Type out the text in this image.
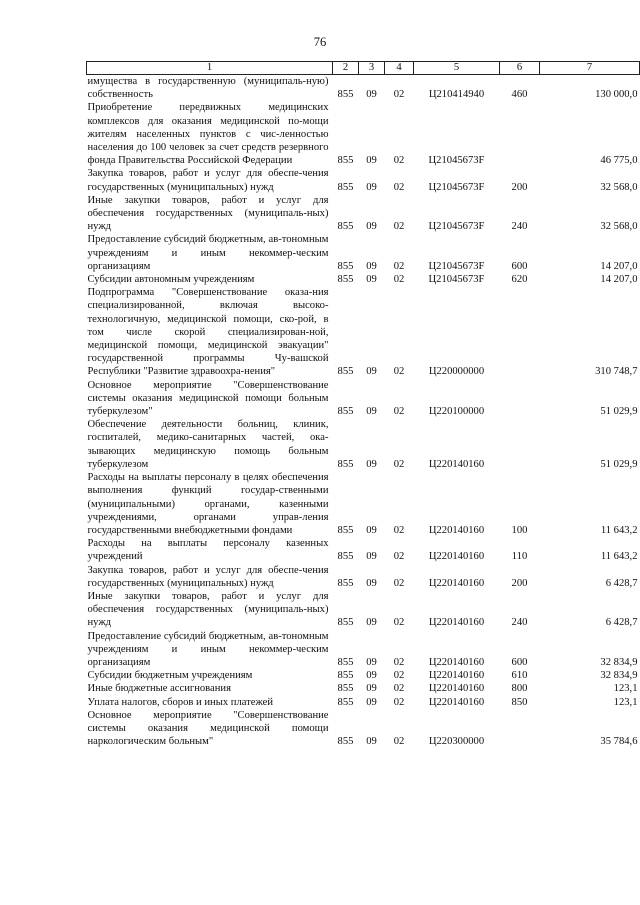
76
1	2	3	4	5	6	7
имущества в государственную (муниципаль-ную) собственность	855	09	02	Ц210414940	460	130 000,0
Приобретение передвижных медицинских комплексов для оказания медицинской по-мощи жителям населенных пунктов с чис-ленностью населения до 100 человек за счет средств резервного фонда Правительства Российской Федерации	855	09	02	Ц21045673F		46 775,0
Закупка товаров, работ и услуг для обеспе-чения государственных (муниципальных) нужд	855	09	02	Ц21045673F	200	32 568,0
Иные закупки товаров, работ и услуг для обеспечения государственных (муниципаль-ных) нужд	855	09	02	Ц21045673F	240	32 568,0
Предоставление субсидий бюджетным, ав-тономным учреждениям и иным некоммер-ческим организациям	855	09	02	Ц21045673F	600	14 207,0
Субсидии автономным учреждениям	855	09	02	Ц21045673F	620	14 207,0
Подпрограмма "Совершенствование оказа-ния специализированной, включая высоко-технологичную, медицинской помощи, ско-рой, в том числе скорой специализирован-ной, медицинской помощи, медицинской эвакуации" государственной программы Чу-вашской Республики "Развитие здравоохра-нения"	855	09	02	Ц220000000		310 748,7
Основное мероприятие "Совершенствование системы оказания медицинской помощи больным туберкулезом"	855	09	02	Ц220100000		51 029,9
Обеспечение деятельности больниц, клиник, госпиталей, медико-санитарных частей, ока-зывающих медицинскую помощь больным туберкулезом	855	09	02	Ц220140160		51 029,9
Расходы на выплаты персоналу в целях обеспечения выполнения функций государ-ственными (муниципальными) органами, казенными учреждениями, органами управ-ления государственными внебюджетными фондами	855	09	02	Ц220140160	100	11 643,2
Расходы на выплаты персоналу казенных учреждений	855	09	02	Ц220140160	110	11 643,2
Закупка товаров, работ и услуг для обеспе-чения государственных (муниципальных) нужд	855	09	02	Ц220140160	200	6 428,7
Иные закупки товаров, работ и услуг для обеспечения государственных (муниципаль-ных) нужд	855	09	02	Ц220140160	240	6 428,7
Предоставление субсидий бюджетным, ав-тономным учреждениям и иным некоммер-ческим организациям	855	09	02	Ц220140160	600	32 834,9
Субсидии бюджетным учреждениям	855	09	02	Ц220140160	610	32 834,9
Иные бюджетные ассигнования	855	09	02	Ц220140160	800	123,1
Уплата налогов, сборов и иных платежей	855	09	02	Ц220140160	850	123,1
Основное мероприятие "Совершенствование системы оказания медицинской помощи наркологическим больным"	855	09	02	Ц220300000		35 784,6
